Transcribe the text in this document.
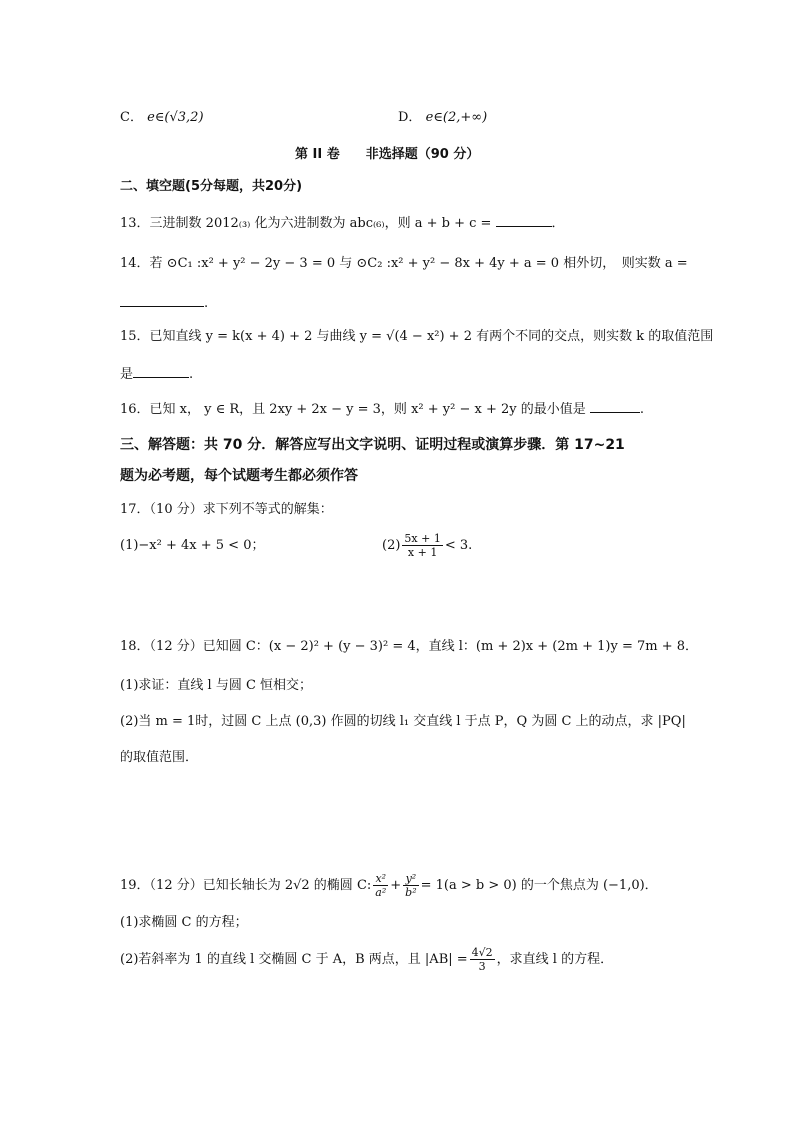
C． e∈(√3,2)	D． e∈(2,+∞)
第 II 卷　　非选择题（90 分）
二、填空题(5分每题，共20分)
13．三进制数 2012₍₃₎ 化为六进制数为 abc₍₆₎，则 a + b + c =	．
14．若 ⊙C₁ :x² + y² − 2y − 3 = 0 与 ⊙C₂ :x² + y² − 8x + 4y + a = 0 相外切，　则实数 a =
.
15．已知直线 y = k(x + 4) + 2 与曲线 y = √(4 − x²) + 2 有两个不同的交点，则实数 k 的取值范围
是	.
16．已知 x， y ∈ R，且 2xy + 2x − y = 3，则 x² + y² − x + 2y 的最小值是	.
三、解答题：共 70 分．解答应写出文字说明、证明过程或演算步骤．第 17~21
题为必考题，每个试题考生都必须作答
17．（10 分）求下列不等式的解集：
(1)−x² + 4x + 5 < 0；	$(2) \frac{5x + 1}{x + 1} < 3$.
18．（12 分）已知圆 C：(x − 2)² + (y − 3)² = 4，直线 l：(m + 2)x + (2m + 1)y = 7m + 8．
(1)求证：直线 l 与圆 C 恒相交；
(2)当 m = 1时，过圆 C 上点 (0,3) 作圆的切线 l₁ 交直线 l 于点 P，Q 为圆 C 上的动点，求 |PQ|
的取值范围．
19．（12 分）已知长轴长为 2√2 的椭圆 C: $\frac{\text{x²}}{\text{a²}} + \frac{\text{y²}}{\text{b²}} = 1(a > b > 0)$ 的一个焦点为 (−1,0)．
(1)求椭圆 C 的方程；
(2)若斜率为 1 的直线 l 交椭圆 C 于 A，B 两点，且 $|AB| = \frac{4√2}{3}$ ，求直线 l 的方程．
